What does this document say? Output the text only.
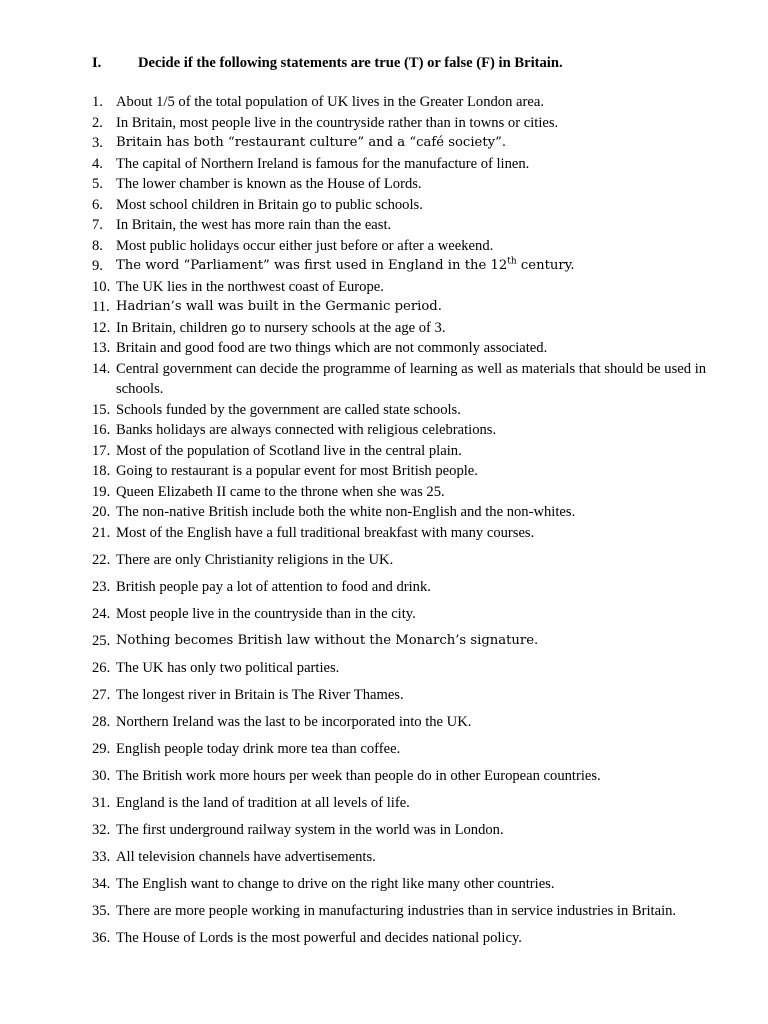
I.	Decide if the following statements are true (T) or false (F) in Britain.
1. About 1/5 of the total population of UK lives in the Greater London area.
2. In Britain, most people live in the countryside rather than in towns or cities.
3. Britain has both “restaurant culture” and a “café society”.
4. The capital of Northern Ireland is famous for the manufacture of linen.
5. The lower chamber is known as the House of Lords.
6. Most school children in Britain go to public schools.
7. In Britain, the west has more rain than the east.
8. Most public holidays occur either just before or after a weekend.
9. The word “Parliament” was first used in England in the 12th century.
10. The UK lies in the northwest coast of Europe.
11. Hadrian’s wall was built in the Germanic period.
12. In Britain, children go to nursery schools at the age of 3.
13. Britain and good food are two things which are not commonly associated.
14. Central government can decide the programme of learning as well as materials that should be used in schools.
15. Schools funded by the government are called state schools.
16. Banks holidays are always connected with religious celebrations.
17. Most of the population of Scotland live in the central plain.
18. Going to restaurant is a popular event for most British people.
19. Queen Elizabeth II came to the throne when she was 25.
20. The non-native British include both the white non-English and the non-whites.
21. Most of the English have a full traditional breakfast with many courses.
22. There are only Christianity religions in the UK.
23. British people pay a lot of attention to food and drink.
24. Most people live in the countryside than in the city.
25. Nothing becomes British law without the Monarch’s signature.
26. The UK has only two political parties.
27. The longest river in Britain is The River Thames.
28. Northern Ireland was the last to be incorporated into the UK.
29. English people today drink more tea than coffee.
30. The British work more hours per week than people do in other European countries.
31. England is the land of tradition at all levels of life.
32. The first underground railway system in the world was in London.
33. All television channels have advertisements.
34. The English want to change to drive on the right like many other countries.
35. There are more people working in manufacturing industries than in service industries in Britain.
36. The House of Lords is the most powerful and decides national policy.
